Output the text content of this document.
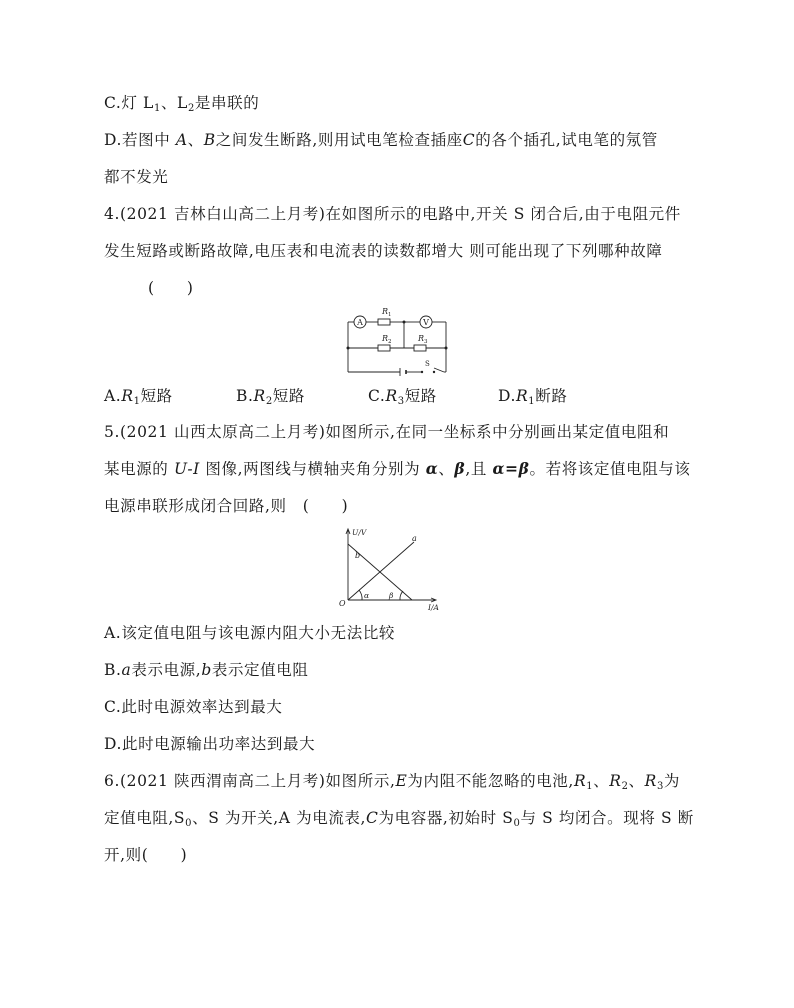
C.灯 $L_1$、$L_2$是串联的
D.若图中 A、B之间发生断路,则用试电笔检查插座C的各个插孔,试电笔的氖管
都不发光
4.(2021 吉林白山高二上月考)在如图所示的电路中,开关 S 闭合后,由于电阻元件
发生短路或断路故障,电压表和电流表的读数都增大 则可能出现了下列哪种故障
(　　)
A	V
$R_1$
$R_2$	$R_3$
S
$A.R_1$短路	$B.R_2$短路	$C.R_3$短路	$D.R_1$断路
5.(2021 山西太原高二上月考)如图所示,在同一坐标系中分别画出某定值电阻和
某电源的 U-I 图像,两图线与横轴夹角分别为 α、β,且 α=β。若将该定值电阻与该
电源串联形成闭合回路,则　(　　)
U/V
I/A
O
a
b
α	β
A.该定值电阻与该电源内阻大小无法比较
B.a表示电源,b表示定值电阻
C.此时电源效率达到最大
D.此时电源输出功率达到最大
6.(2021 陕西渭南高二上月考)如图所示,E为内阻不能忽略的电池$,R_1$、$R_2$、$R_3$为
定值电阻$,S_0$、S 为开关,A 为电流表,C为电容器,初始时 $S_0$与 S 均闭合。现将 S 断
开,则(　　)
